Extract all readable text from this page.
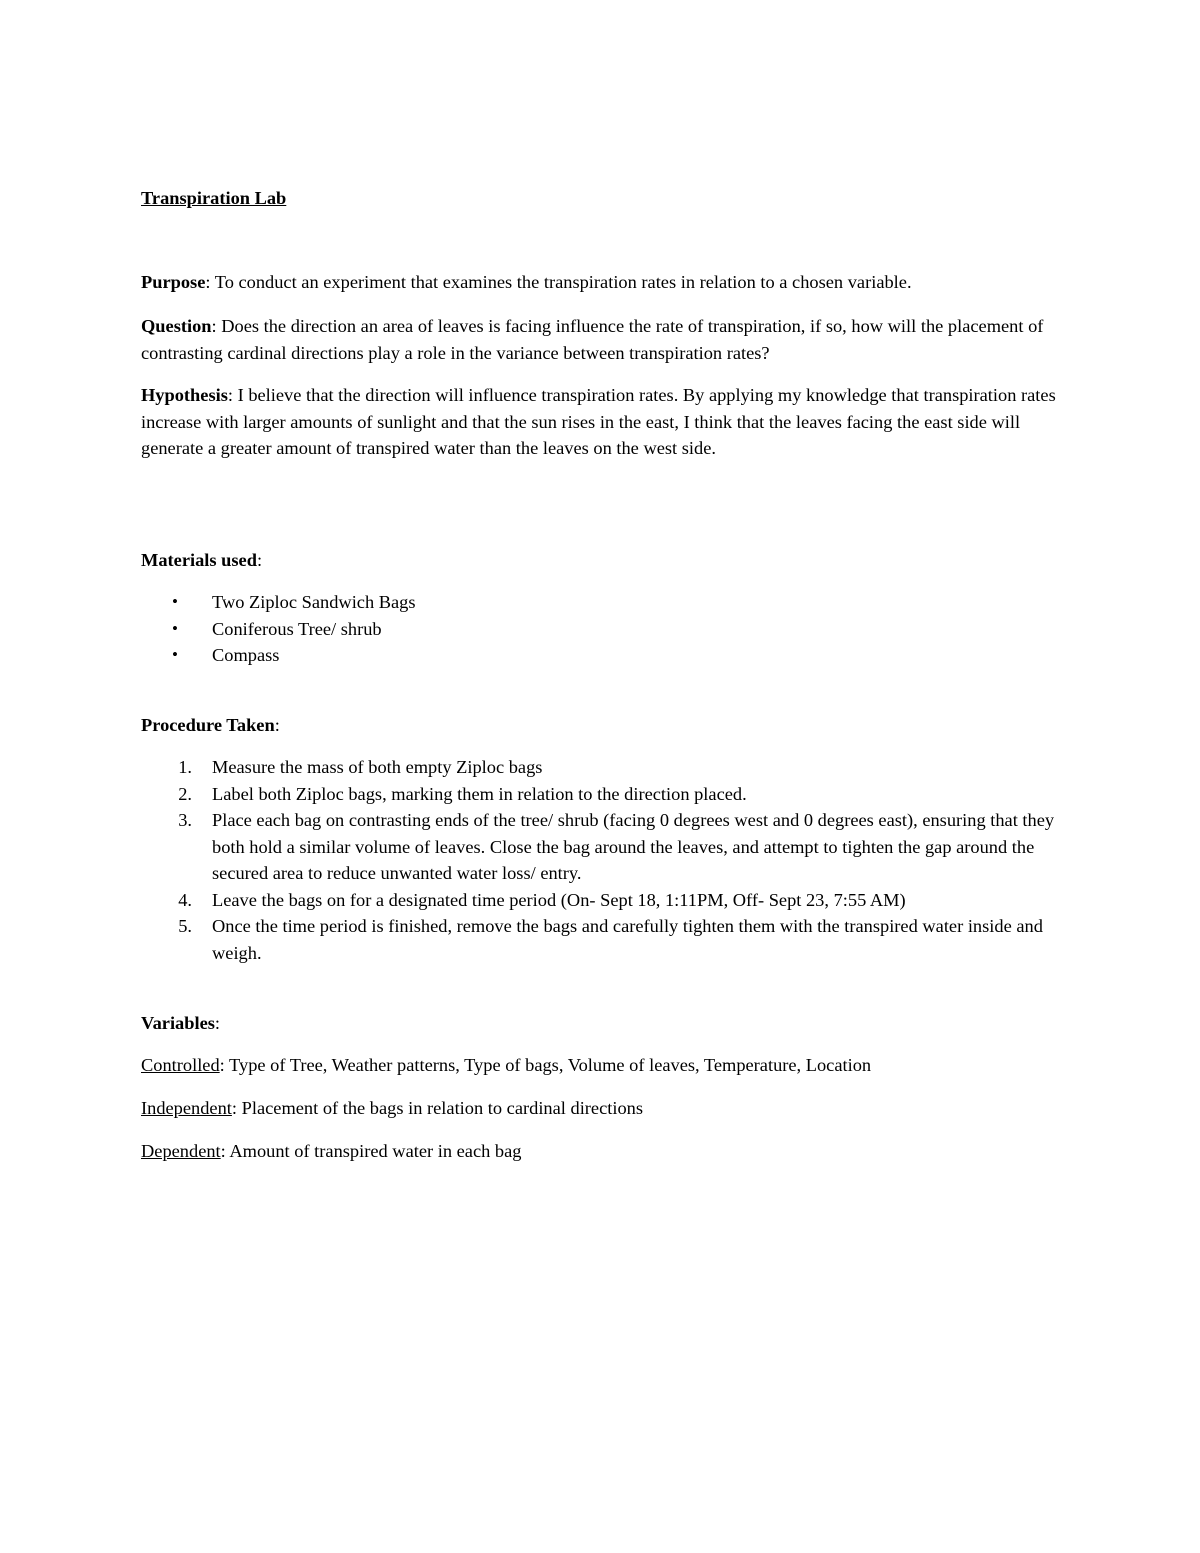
Transpiration Lab

Purpose: To conduct an experiment that examines the transpiration rates in relation to a chosen variable.

Question: Does the direction an area of leaves is facing influence the rate of transpiration, if so, how will the placement of contrasting cardinal directions play a role in the variance between transpiration rates?

Hypothesis: I believe that the direction will influence transpiration rates. By applying my knowledge that transpiration rates increase with larger amounts of sunlight and that the sun rises in the east, I think that the leaves facing the east side will generate a greater amount of transpired water than the leaves on the west side.

Materials used:
• Two Ziploc Sandwich Bags
• Coniferous Tree/ shrub
• Compass
Procedure Taken:
1. Measure the mass of both empty Ziploc bags
2. Label both Ziploc bags, marking them in relation to the direction placed.
3. Place each bag on contrasting ends of the tree/ shrub (facing 0 degrees west and 0 degrees east), ensuring that they both hold a similar volume of leaves. Close the bag around the leaves, and attempt to tighten the gap around the secured area to reduce unwanted water loss/ entry.
4. Leave the bags on for a designated time period (On- Sept 18, 1:11PM, Off- Sept 23, 7:55 AM)
5. Once the time period is finished, remove the bags and carefully tighten them with the transpired water inside and weigh.
Variables:

Controlled: Type of Tree, Weather patterns, Type of bags, Volume of leaves, Temperature, Location

Independent: Placement of the bags in relation to cardinal directions

Dependent: Amount of transpired water in each bag
